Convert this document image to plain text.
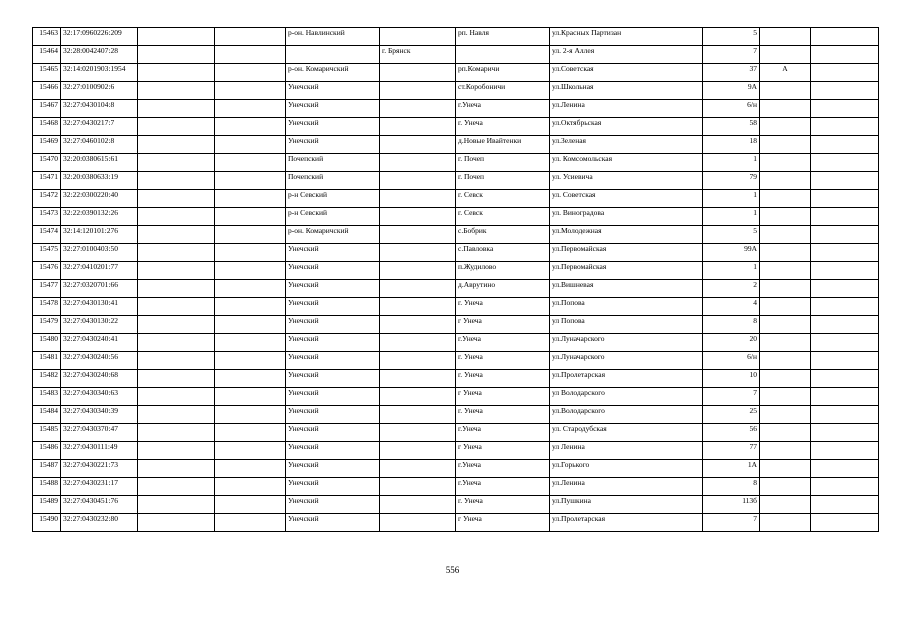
15463	32:17:0960226:209			р-он. Навлинский		рп. Навля	ул.Красных Партизан	5			
15464	32:28:0042407:28				г. Брянск		ул. 2-я Аллея	7			
15465	32:14:0201903:1954			р-он. Комаричский		рп.Комаричи	ул.Советская	37	А		
15466	32:27:0100902:6			Унечский		ст.Коробоничи	ул.Школьная	9А			
15467	32:27:0430104:8			Унечский		г.Унеча	ул.Ленина	6/н			
15468	32:27:0430217:7			Унечский		г. Унеча	ул.Октябрьская	58			
15469	32:27:0460102:8			Унечский		д.Новые Ивайтенки	ул.Зеленая	18			
15470	32:20:0380615:61			Почепский		г. Почеп	ул. Комсомольская	1			
15471	32:20:0380633:19			Почепский		г. Почеп	ул. Усиевича	79			
15472	32:22:0300220:40			р-н Севский		г. Севск	ул. Советская	1			
15473	32:22:0390132:26			р-н Севский		г. Севск	ул. Виноградова	1			
15474	32:14:120101:276			р-он. Комаричский		с.Бобрик	ул.Молодежная	5			
15475	32:27:0100403:50			Унечский		с.Павловка	ул.Первомайская	99А			
15476	32:27:0410201:77			Унечский		п.Жудилово	ул.Первомайская	1			
15477	32:27:0320701:66			Унечский		д.Аврутино	ул.Вишневая	2			
15478	32:27:0430130:41			Унечский		г. Унеча	ул.Попова	4			
15479	32:27:0430130:22			Унечский		г Унеча	ул Попова	8			
15480	32:27:0430240:41			Унечский		г.Унеча	ул.Луначарского	20			
15481	32:27:0430240:56			Унечский		г. Унеча	ул.Луначарского	6/н			
15482	32:27:0430240:68			Унечский		г. Унеча	ул.Пролетарская	10			
15483	32:27:0430340:63			Унечский		г Унеча	ул Володарского	7			
15484	32:27:0430340:39			Унечский		г. Унеча	ул.Володарского	25			
15485	32:27:0430370:47			Унечский		г.Унеча	ул. Стародубская	56			
15486	32:27:0430111:49			Унечский		г Унеча	ул Ленина	77			
15487	32:27:0430221:73			Унечский		г.Унеча	ул.Горького	1А			
15488	32:27:0430231:17			Унечский		г.Унеча	ул.Ленина	8			
15489	32:27:0430451:76			Унечский		г. Унеча	ул.Пушкина	113б			
15490	32:27:0430232:80			Унечский		г Унеча	ул.Пролетарская	7			
556
